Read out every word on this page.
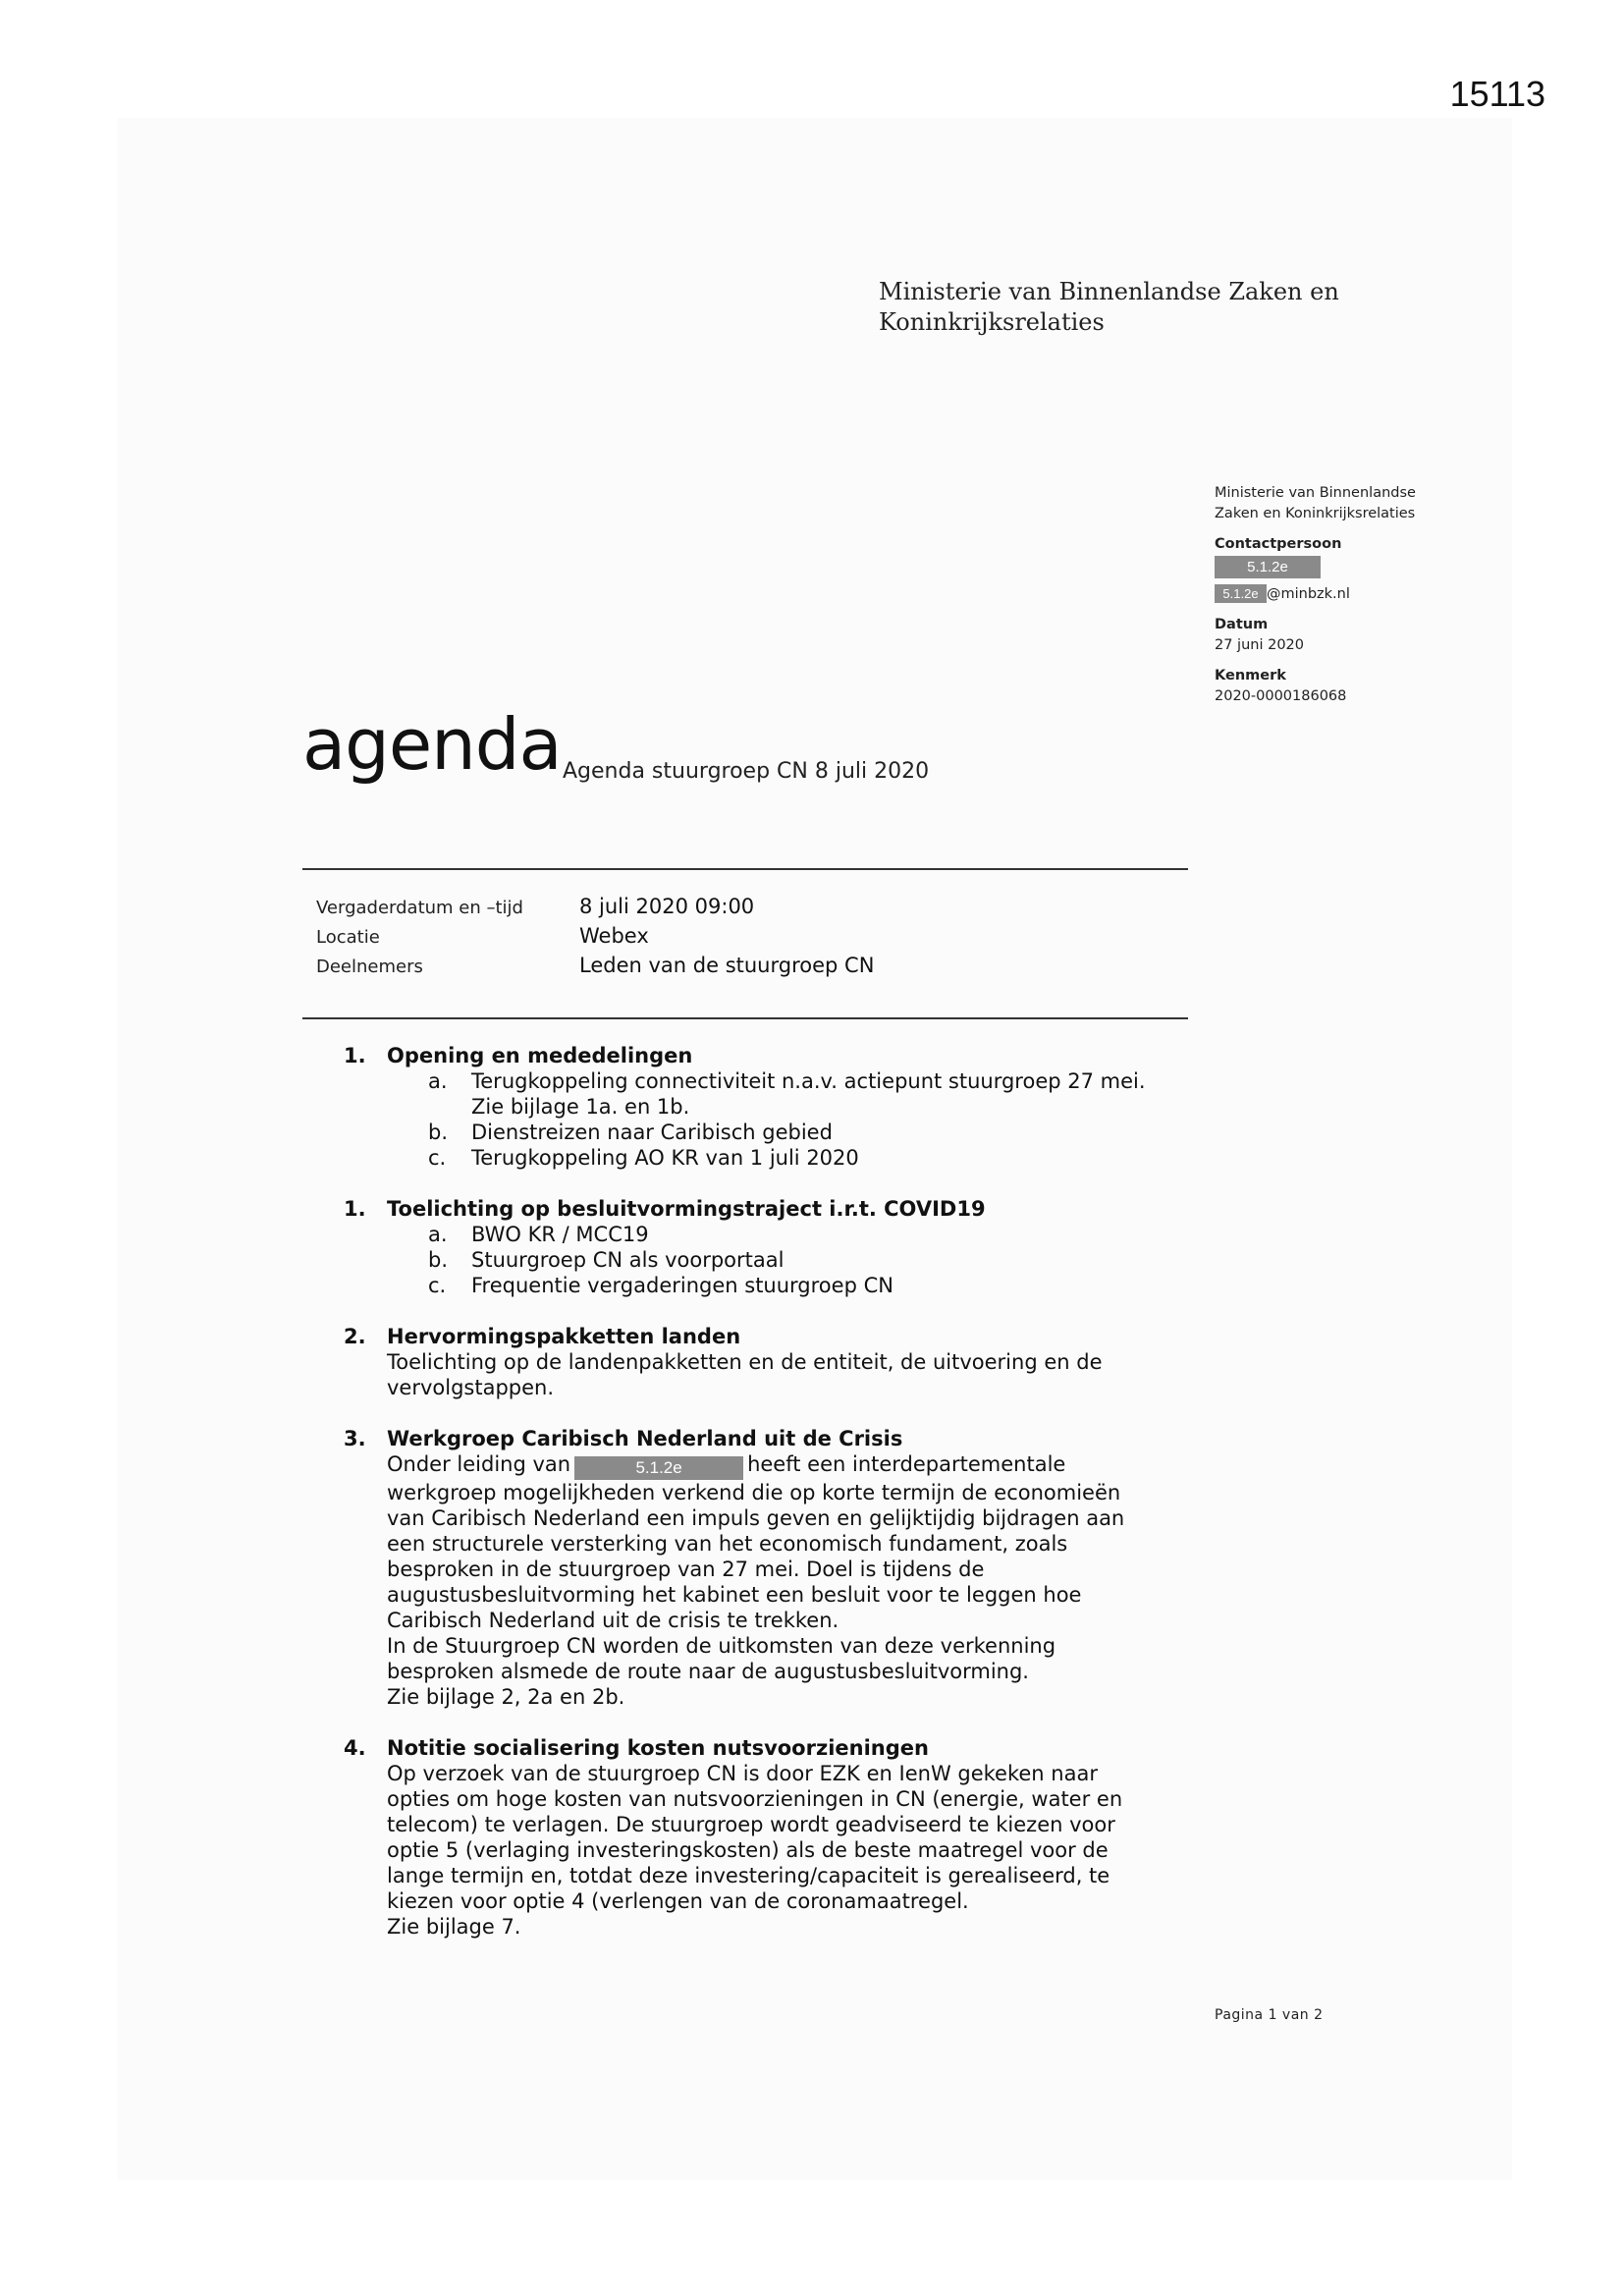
15113
Ministerie van Binnenlandse Zaken en
Koninkrijksrelaties
Ministerie van Binnenlandse
Zaken en Koninkrijksrelaties
Contactpersoon
5.1.2e
5.1.2e @minbzk.nl
Datum
27 juni 2020
Kenmerk
2020-0000186068
agenda Agenda stuurgroep CN 8 juli 2020
Vergaderdatum en –tijd	8 juli 2020 09:00
Locatie	Webex
Deelnemers	Leden van de stuurgroep CN
1.	Opening en mededelingen
a.	Terugkoppeling connectiviteit n.a.v. actiepunt stuurgroep 27 mei.
Zie bijlage 1a. en 1b.
b.	Dienstreizen naar Caribisch gebied
c.	Terugkoppeling AO KR van 1 juli 2020
1.	Toelichting op besluitvormingstraject i.r.t. COVID19
a.	BWO KR / MCC19
b.	Stuurgroep CN als voorportaal
c.	Frequentie vergaderingen stuurgroep CN
2.	Hervormingspakketten landen
Toelichting op de landenpakketten en de entiteit, de uitvoering en de
vervolgstappen.
3.	Werkgroep Caribisch Nederland uit de Crisis
Onder leiding van	5.1.2e	heeft een interdepartementale
werkgroep mogelijkheden verkend die op korte termijn de economieën
van Caribisch Nederland een impuls geven en gelijktijdig bijdragen aan
een structurele versterking van het economisch fundament, zoals
besproken in de stuurgroep van 27 mei. Doel is tijdens de
augustusbesluitvorming het kabinet een besluit voor te leggen hoe
Caribisch Nederland uit de crisis te trekken.
In de Stuurgroep CN worden de uitkomsten van deze verkenning
besproken alsmede de route naar de augustusbesluitvorming.
Zie bijlage 2, 2a en 2b.
4.	Notitie socialisering kosten nutsvoorzieningen
Op verzoek van de stuurgroep CN is door EZK en IenW gekeken naar
opties om hoge kosten van nutsvoorzieningen in CN (energie, water en
telecom) te verlagen. De stuurgroep wordt geadviseerd te kiezen voor
optie 5 (verlaging investeringskosten) als de beste maatregel voor de
lange termijn en, totdat deze investering/capaciteit is gerealiseerd, te
kiezen voor optie 4 (verlengen van de coronamaatregel.
Zie bijlage 7.
Pagina 1 van 2
